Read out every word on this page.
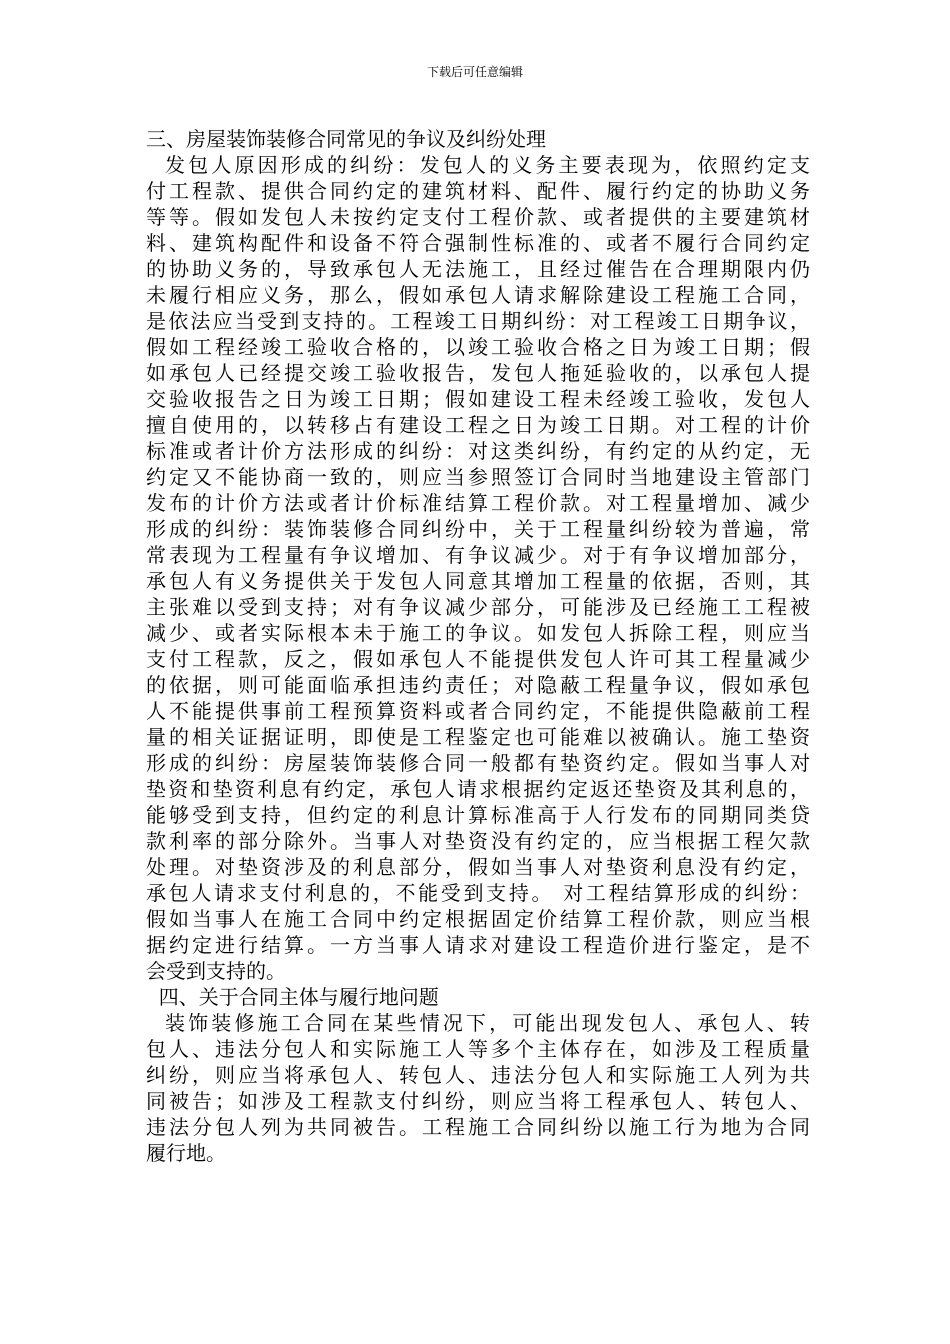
下载后可任意编辑
三、房屋装饰装修合同常见的争议及纠纷处理
发包人原因形成的纠纷：发包人的义务主要表现为，依照约定支
付工程款、提供合同约定的建筑材料、配件、履行约定的协助义务
等等。假如发包人未按约定支付工程价款、或者提供的主要建筑材
料、建筑构配件和设备不符合强制性标准的、或者不履行合同约定
的协助义务的，导致承包人无法施工，且经过催告在合理期限内仍
未履行相应义务，那么，假如承包人请求解除建设工程施工合同，
是依法应当受到支持的。工程竣工日期纠纷：对工程竣工日期争议，
假如工程经竣工验收合格的，以竣工验收合格之日为竣工日期；假
如承包人已经提交竣工验收报告，发包人拖延验收的，以承包人提
交验收报告之日为竣工日期；假如建设工程未经竣工验收，发包人
擅自使用的，以转移占有建设工程之日为竣工日期。对工程的计价
标准或者计价方法形成的纠纷：对这类纠纷，有约定的从约定，无
约定又不能协商一致的，则应当参照签订合同时当地建设主管部门
发布的计价方法或者计价标准结算工程价款。对工程量增加、减少
形成的纠纷：装饰装修合同纠纷中，关于工程量纠纷较为普遍，常
常表现为工程量有争议增加、有争议减少。对于有争议增加部分，
承包人有义务提供关于发包人同意其增加工程量的依据，否则，其
主张难以受到支持；对有争议减少部分，可能涉及已经施工工程被
减少、或者实际根本未于施工的争议。如发包人拆除工程，则应当
支付工程款，反之，假如承包人不能提供发包人许可其工程量减少
的依据，则可能面临承担违约责任；对隐蔽工程量争议，假如承包
人不能提供事前工程预算资料或者合同约定，不能提供隐蔽前工程
量的相关证据证明，即使是工程鉴定也可能难以被确认。施工垫资
形成的纠纷：房屋装饰装修合同一般都有垫资约定。假如当事人对
垫资和垫资利息有约定，承包人请求根据约定返还垫资及其利息的，
能够受到支持，但约定的利息计算标准高于人行发布的同期同类贷
款利率的部分除外。当事人对垫资没有约定的，应当根据工程欠款
处理。对垫资涉及的利息部分，假如当事人对垫资利息没有约定，
承包人请求支付利息的，不能受到支持。 对工程结算形成的纠纷：
假如当事人在施工合同中约定根据固定价结算工程价款，则应当根
据约定进行结算。一方当事人请求对建设工程造价进行鉴定，是不
会受到支持的。
四、关于合同主体与履行地问题
装饰装修施工合同在某些情况下，可能出现发包人、承包人、转
包人、违法分包人和实际施工人等多个主体存在，如涉及工程质量
纠纷，则应当将承包人、转包人、违法分包人和实际施工人列为共
同被告；如涉及工程款支付纠纷，则应当将工程承包人、转包人、
违法分包人列为共同被告。工程施工合同纠纷以施工行为地为合同
履行地。
